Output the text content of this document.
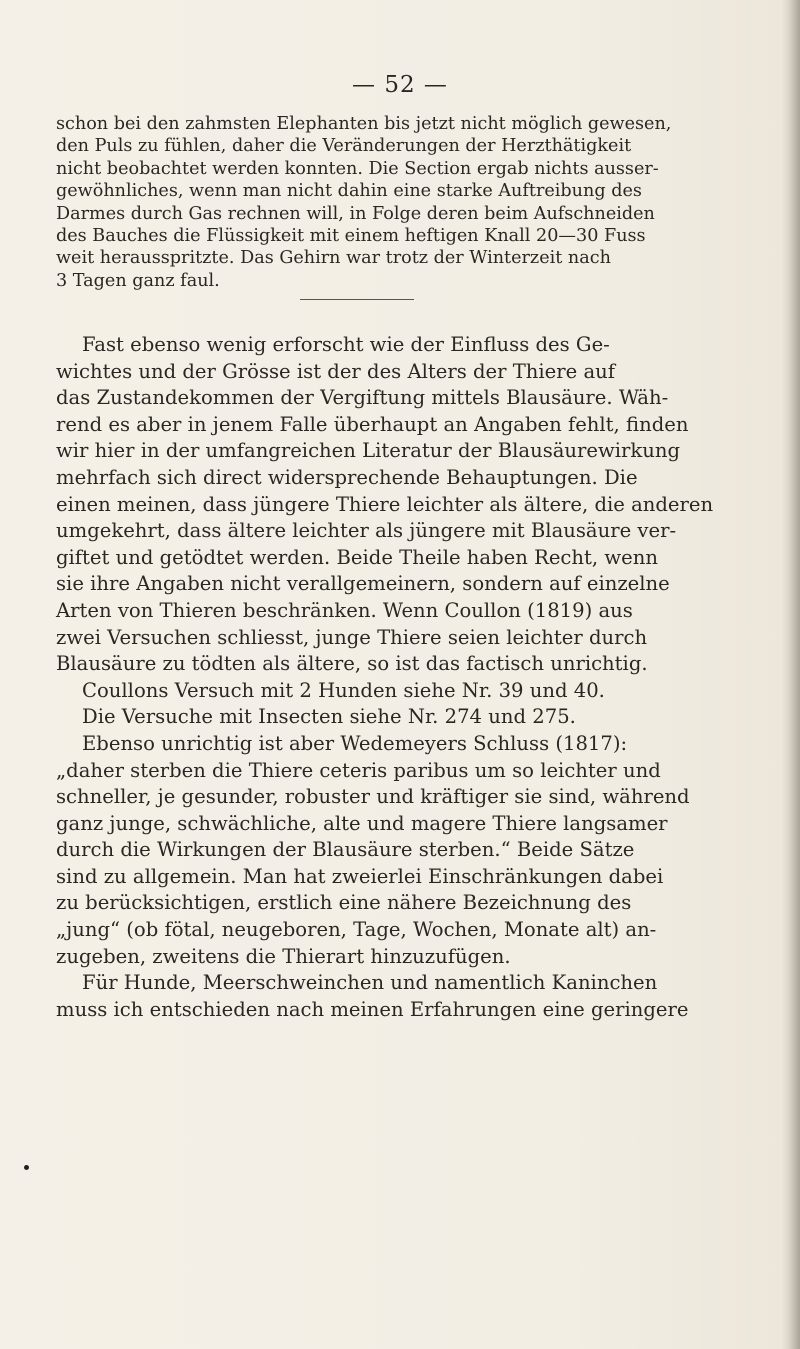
— 52 —
schon bei den zahmsten Elephanten bis jetzt nicht möglich gewesen,
den Puls zu fühlen, daher die Veränderungen der Herzthätigkeit
nicht beobachtet werden konnten. Die Section ergab nichts ausser-
gewöhnliches, wenn man nicht dahin eine starke Auftreibung des
Darmes durch Gas rechnen will, in Folge deren beim Aufschneiden
des Bauches die Flüssigkeit mit einem heftigen Knall 20—30 Fuss
weit herausspritzte. Das Gehirn war trotz der Winterzeit nach
3 Tagen ganz faul.
Fast ebenso wenig erforscht wie der Einfluss des Ge-
wichtes und der Grösse ist der des Alters der Thiere auf
das Zustandekommen der Vergiftung mittels Blausäure. Wäh-
rend es aber in jenem Falle überhaupt an Angaben fehlt, finden
wir hier in der umfangreichen Literatur der Blausäurewirkung
mehrfach sich direct widersprechende Behauptungen. Die
einen meinen, dass jüngere Thiere leichter als ältere, die anderen
umgekehrt, dass ältere leichter als jüngere mit Blausäure ver-
giftet und getödtet werden. Beide Theile haben Recht, wenn
sie ihre Angaben nicht verallgemeinern, sondern auf einzelne
Arten von Thieren beschränken. Wenn Coullon (1819) aus
zwei Versuchen schliesst, junge Thiere seien leichter durch
Blausäure zu tödten als ältere, so ist das factisch unrichtig.
Coullons Versuch mit 2 Hunden siehe Nr. 39 und 40.
Die Versuche mit Insecten siehe Nr. 274 und 275.
Ebenso unrichtig ist aber Wedemeyers Schluss (1817):
„daher sterben die Thiere ceteris paribus um so leichter und
schneller, je gesunder, robuster und kräftiger sie sind, während
ganz junge, schwächliche, alte und magere Thiere langsamer
durch die Wirkungen der Blausäure sterben.“ Beide Sätze
sind zu allgemein. Man hat zweierlei Einschränkungen dabei
zu berücksichtigen, erstlich eine nähere Bezeichnung des
„jung“ (ob fötal, neugeboren, Tage, Wochen, Monate alt) an-
zugeben, zweitens die Thierart hinzuzufügen.
Für Hunde, Meerschweinchen und namentlich Kaninchen
muss ich entschieden nach meinen Erfahrungen eine geringere
